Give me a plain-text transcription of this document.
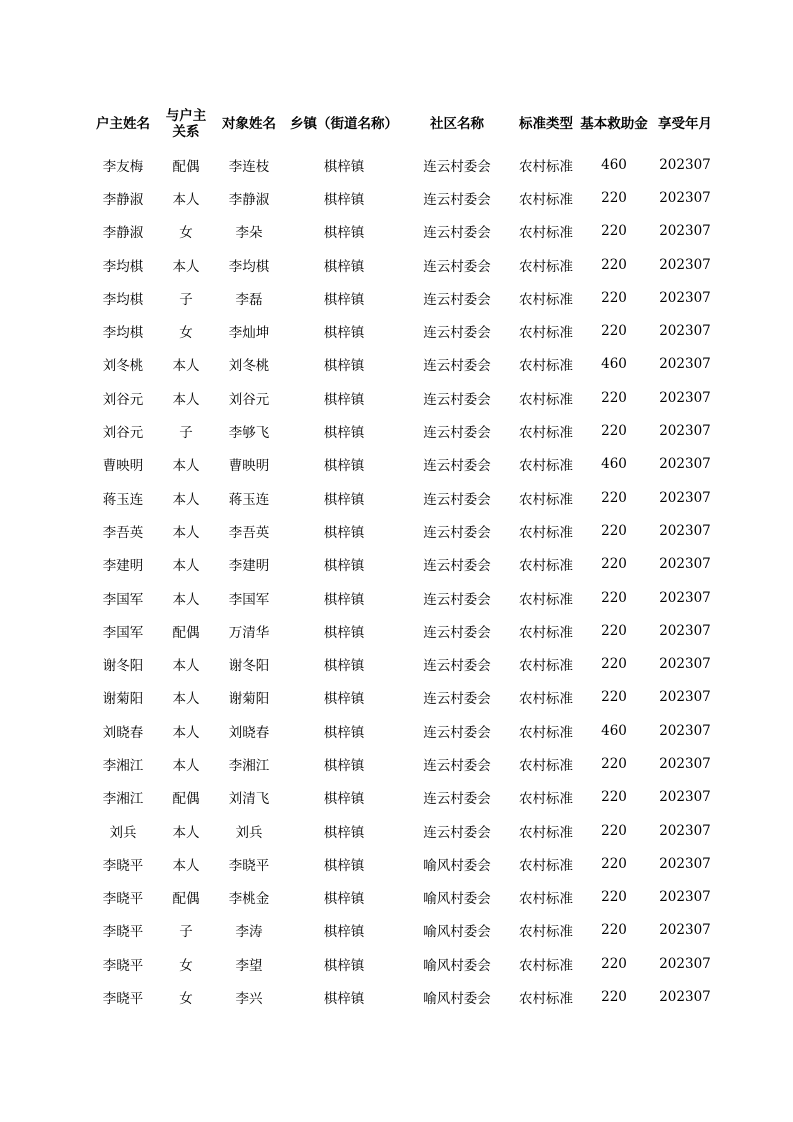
户主姓名	与户主关系	对象姓名	乡镇（街道名称）	社区名称	标准类型	基本救助金	享受年月
李友梅	配偶	李连枝	棋梓镇	连云村委会	农村标准	460	202307
李静淑	本人	李静淑	棋梓镇	连云村委会	农村标准	220	202307
李静淑	女	李朵	棋梓镇	连云村委会	农村标准	220	202307
李均棋	本人	李均棋	棋梓镇	连云村委会	农村标准	220	202307
李均棋	子	李磊	棋梓镇	连云村委会	农村标准	220	202307
李均棋	女	李灿坤	棋梓镇	连云村委会	农村标准	220	202307
刘冬桃	本人	刘冬桃	棋梓镇	连云村委会	农村标准	460	202307
刘谷元	本人	刘谷元	棋梓镇	连云村委会	农村标准	220	202307
刘谷元	子	李够飞	棋梓镇	连云村委会	农村标准	220	202307
曹映明	本人	曹映明	棋梓镇	连云村委会	农村标准	460	202307
蒋玉连	本人	蒋玉连	棋梓镇	连云村委会	农村标准	220	202307
李吾英	本人	李吾英	棋梓镇	连云村委会	农村标准	220	202307
李建明	本人	李建明	棋梓镇	连云村委会	农村标准	220	202307
李国军	本人	李国军	棋梓镇	连云村委会	农村标准	220	202307
李国军	配偶	万清华	棋梓镇	连云村委会	农村标准	220	202307
谢冬阳	本人	谢冬阳	棋梓镇	连云村委会	农村标准	220	202307
谢菊阳	本人	谢菊阳	棋梓镇	连云村委会	农村标准	220	202307
刘晓春	本人	刘晓春	棋梓镇	连云村委会	农村标准	460	202307
李湘江	本人	李湘江	棋梓镇	连云村委会	农村标准	220	202307
李湘江	配偶	刘清飞	棋梓镇	连云村委会	农村标准	220	202307
刘兵	本人	刘兵	棋梓镇	连云村委会	农村标准	220	202307
李晓平	本人	李晓平	棋梓镇	喻风村委会	农村标准	220	202307
李晓平	配偶	李桃金	棋梓镇	喻风村委会	农村标准	220	202307
李晓平	子	李涛	棋梓镇	喻风村委会	农村标准	220	202307
李晓平	女	李望	棋梓镇	喻风村委会	农村标准	220	202307
李晓平	女	李兴	棋梓镇	喻风村委会	农村标准	220	202307
